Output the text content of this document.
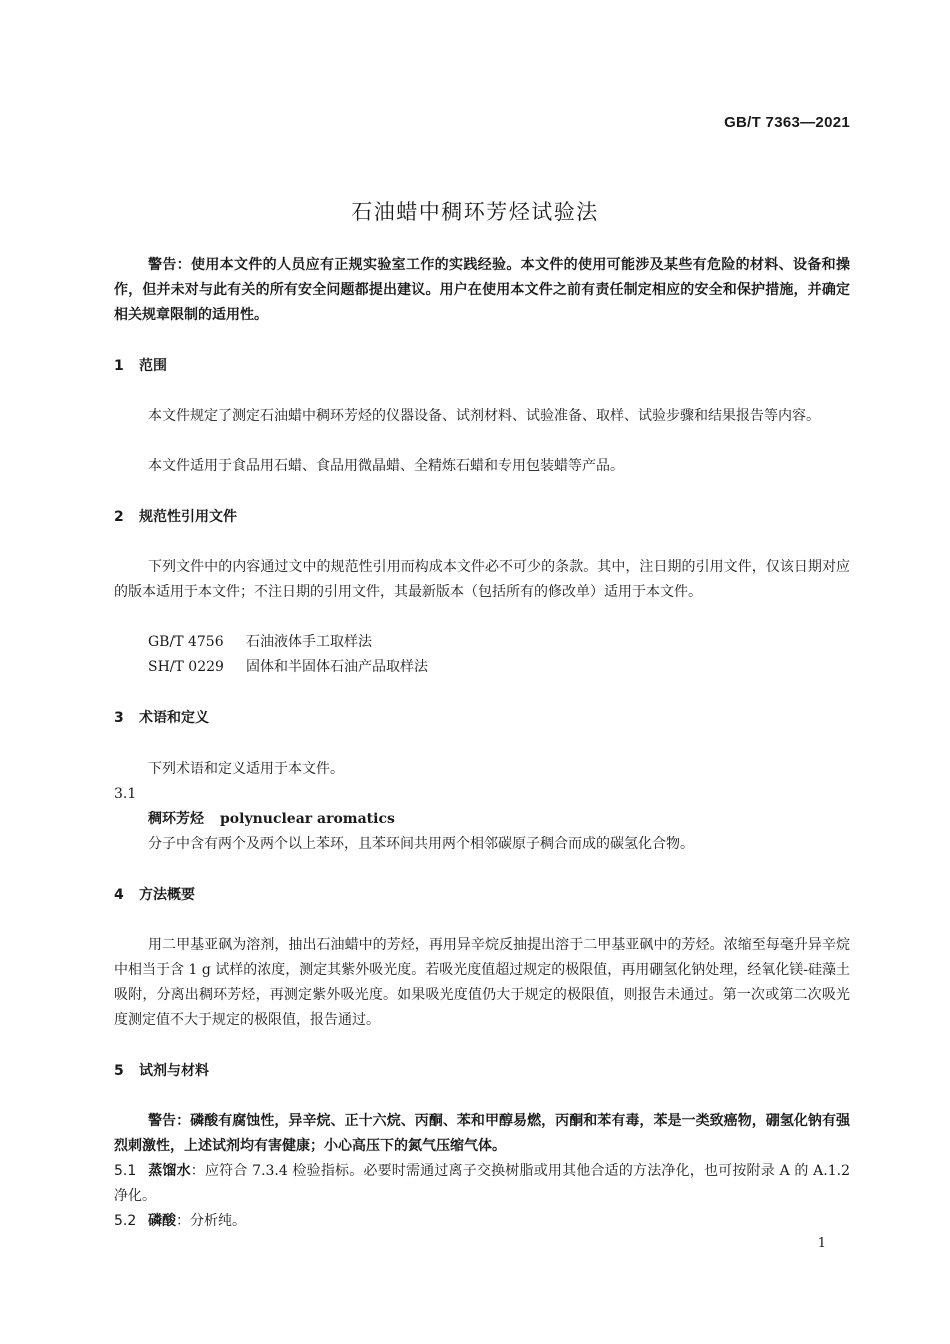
GB/T 7363—2021
石油蜡中稠环芳烃试验法
警告：使用本文件的人员应有正规实验室工作的实践经验。本文件的使用可能涉及某些有危险的材料、设备和操作，但并未对与此有关的所有安全问题都提出建议。用户在使用本文件之前有责任制定相应的安全和保护措施，并确定相关规章限制的适用性。
1 范围
本文件规定了测定石油蜡中稠环芳烃的仪器设备、试剂材料、试验准备、取样、试验步骤和结果报告等内容。
本文件适用于食品用石蜡、食品用微晶蜡、全精炼石蜡和专用包装蜡等产品。
2 规范性引用文件
下列文件中的内容通过文中的规范性引用而构成本文件必不可少的条款。其中，注日期的引用文件，仅该日期对应的版本适用于本文件；不注日期的引用文件，其最新版本（包括所有的修改单）适用于本文件。
GB/T 4756 石油液体手工取样法
SH/T 0229 固体和半固体石油产品取样法
3 术语和定义
下列术语和定义适用于本文件。
3.1
稠环芳烃 polynuclear aromatics
分子中含有两个及两个以上苯环，且苯环间共用两个相邻碳原子稠合而成的碳氢化合物。
4 方法概要
用二甲基亚砜为溶剂，抽出石油蜡中的芳烃，再用异辛烷反抽提出溶于二甲基亚砜中的芳烃。浓缩至每毫升异辛烷中相当于含 1 g 试样的浓度，测定其紫外吸光度。若吸光度值超过规定的极限值，再用硼氢化钠处理，经氧化镁-硅藻土吸附，分离出稠环芳烃，再测定紫外吸光度。如果吸光度值仍大于规定的极限值，则报告未通过。第一次或第二次吸光度测定值不大于规定的极限值，报告通过。
5 试剂与材料
警告：磷酸有腐蚀性，异辛烷、正十六烷、丙酮、苯和甲醇易燃，丙酮和苯有毒，苯是一类致癌物，硼氢化钠有强烈刺激性，上述试剂均有害健康；小心高压下的氮气压缩气体。
5.1 蒸馏水：应符合 7.3.4 检验指标。必要时需通过离子交换树脂或用其他合适的方法净化，也可按附录 A 的 A.1.2 净化。
5.2 磷酸：分析纯。
1
